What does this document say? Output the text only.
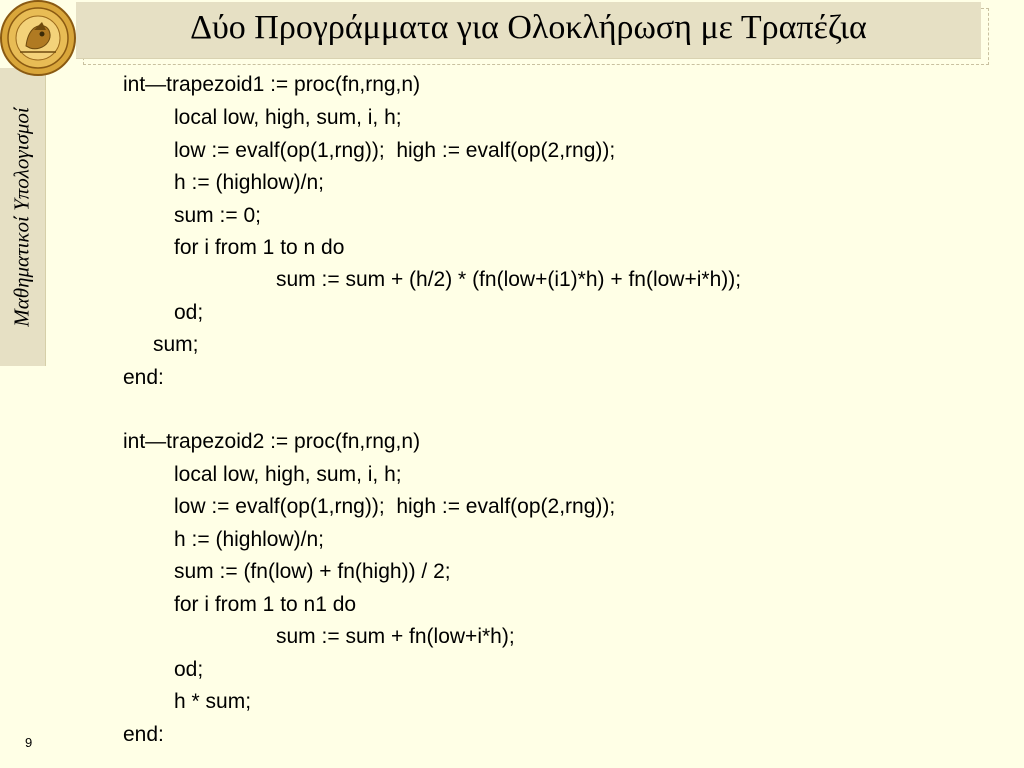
Μαθηματικοί Υπολογισμοί
Δύο Προγράμματα για Ολοκλήρωση με Τραπέζια
int—trapezoid1 := proc(fn,rng,n)
local low, high, sum, i, h;
low := evalf(op(1,rng));  high := evalf(op(2,rng));
h := (highlow)/n;
sum := 0;
for i from 1 to n do
sum := sum + (h/2) * (fn(low+(i1)*h) + fn(low+i*h));
od;
sum;
end:
int—trapezoid2 := proc(fn,rng,n)
local low, high, sum, i, h;
low := evalf(op(1,rng));  high := evalf(op(2,rng));
h := (highlow)/n;
sum := (fn(low) + fn(high)) / 2;
for i from 1 to n1 do
sum := sum + fn(low+i*h);
od;
h * sum;
end:
9
